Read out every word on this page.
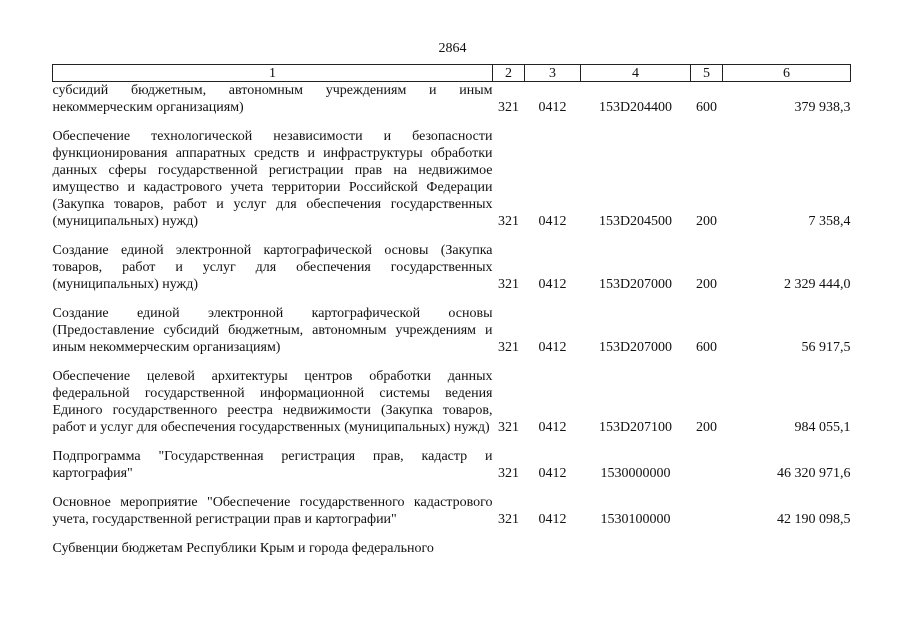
2864
1	2	3	4	5	6
субсидий бюджетным, автономным учреждениям и иным некоммерческим организациям)	321	0412	153D204400	600	379 938,3

Обеспечение технологической независимости и безопасности функционирования аппаратных средств и инфраструктуры обработки данных сферы государственной регистрации прав на недвижимое имущество и кадастрового учета территории Российской Федерации (Закупка товаров, работ и услуг для обеспечения государственных (муниципальных) нужд)	321	0412	153D204500	200	7 358,4

Создание единой электронной картографической основы (Закупка товаров, работ и услуг для обеспечения государственных (муниципальных) нужд)	321	0412	153D207000	200	2 329 444,0

Создание единой электронной картографической основы (Предоставление субсидий бюджетным, автономным учреждениям и иным некоммерческим организациям)	321	0412	153D207000	600	56 917,5

Обеспечение целевой архитектуры центров обработки данных федеральной государственной информационной системы ведения Единого государственного реестра недвижимости (Закупка товаров, работ и услуг для обеспечения государственных (муниципальных) нужд)	321	0412	153D207100	200	984 055,1

Подпрограмма "Государственная регистрация прав, кадастр и картография"	321	0412	1530000000		46 320 971,6

Основное мероприятие "Обеспечение государственного кадастрового учета, государственной регистрации прав и картографии"	321	0412	1530100000		42 190 098,5

Субвенции бюджетам Республики Крым и города федерального					
